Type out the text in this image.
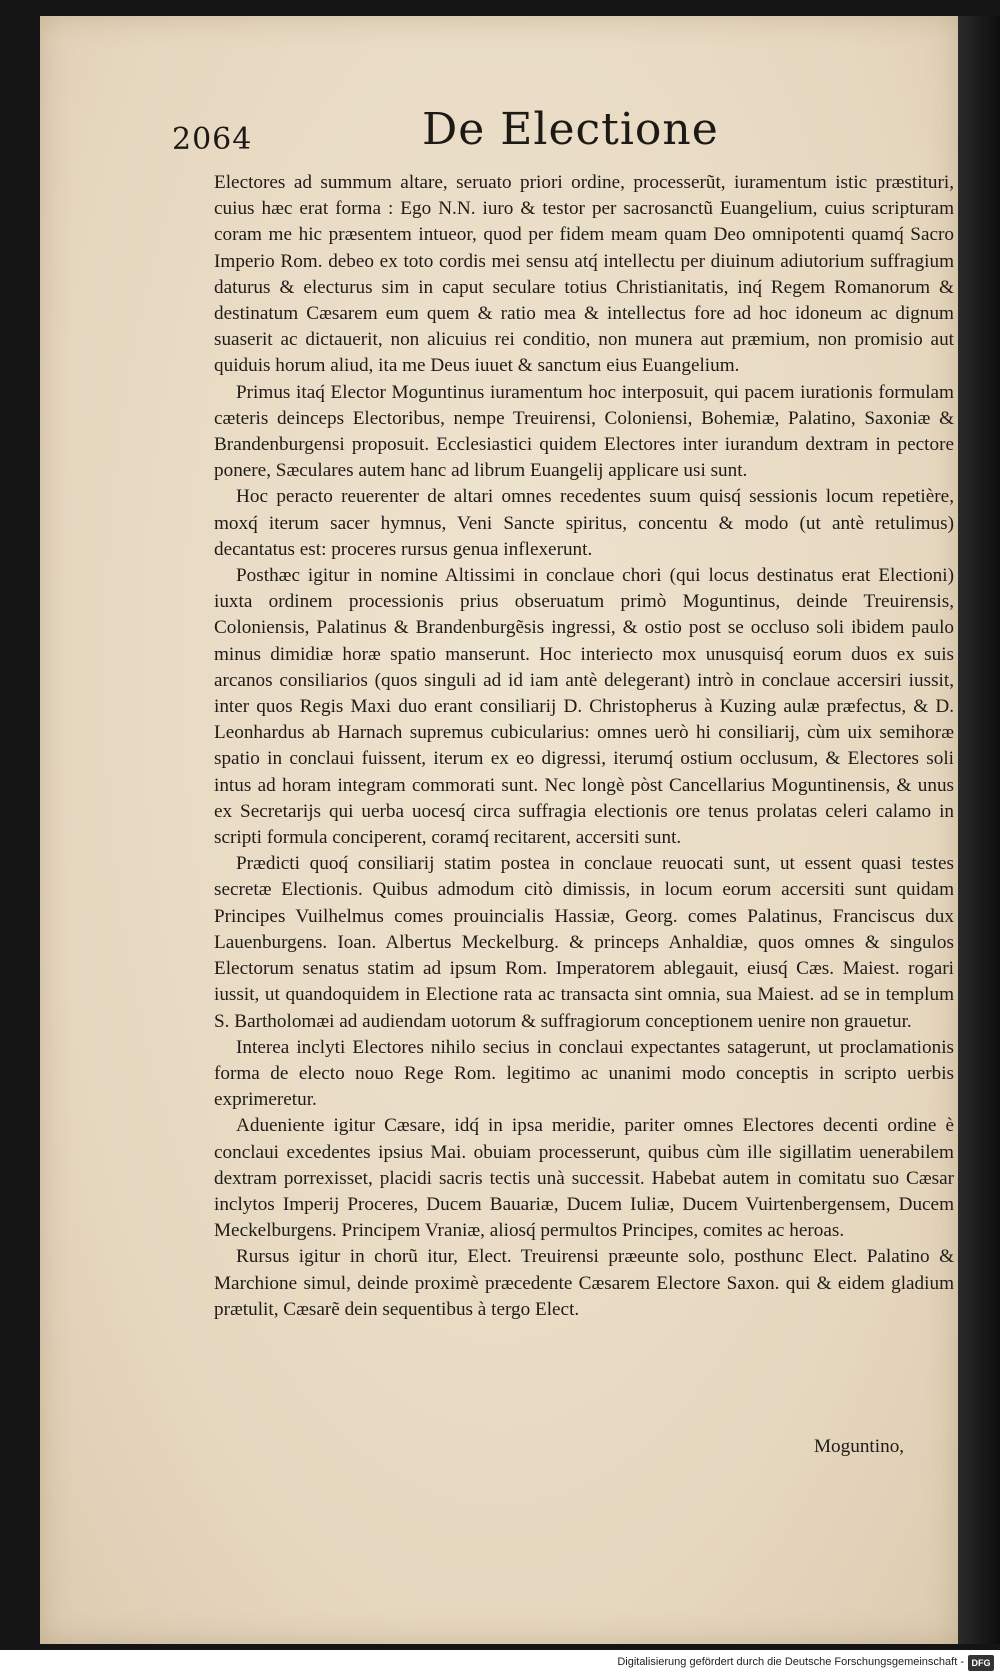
2064	De Electione

Electores ad summum altare, seruato priori ordine, processerũt, iuramentum istic præstituri, cuius hæc erat forma : Ego N.N. iuro & testor per sacrosanctũ Euangelium, cuius scripturam coram me hic præsentem intueor, quod per fidem meam quam Deo omnipotenti quamq́ Sacro Imperio Rom. debeo ex toto cordis mei sensu atq́ intellectu per diuinum adiutorium suffragium daturus & electurus sim in caput seculare totius Christianitatis, inq́ Regem Romanorum & destinatum Cæsarem eum quem & ratio mea & intellectus fore ad hoc idoneum ac dignum suaserit ac dictauerit, non alicuius rei conditio, non munera aut præmium, non promisio aut quiduis horum aliud, ita me Deus iuuet & sanctum eius Euangelium.

Primus itaq́ Elector Moguntinus iuramentum hoc interposuit, qui pacem iurationis formulam cæteris deinceps Electoribus, nempe Treuirensi, Coloniensi, Bohemiæ, Palatino, Saxoniæ & Brandenburgensi proposuit. Ecclesiastici quidem Electores inter iurandum dextram in pectore ponere, Sæculares autem hanc ad librum Euangelij applicare usi sunt.

Hoc peracto reuerenter de altari omnes recedentes suum quisq́ sessionis locum repetière, moxq́ iterum sacer hymnus, Veni Sancte spiritus, concentu & modo (ut antè retulimus) decantatus est: proceres rursus genua inflexerunt.

Posthæc igitur in nomine Altissimi in conclaue chori (qui locus destinatus erat Electioni) iuxta ordinem processionis prius obseruatum primò Moguntinus, deinde Treuirensis, Coloniensis, Palatinus & Brandenburgẽsis ingressi, & ostio post se occluso soli ibidem paulo minus dimidiæ horæ spatio manserunt. Hoc interiecto mox unusquisq́ eorum duos ex suis arcanos consiliarios (quos singuli ad id iam antè delegerant) intrò in conclaue accersiri iussit, inter quos Regis Maxi duo erant consiliarij D. Christopherus à Kuzing aulæ præfectus, & D. Leonhardus ab Harnach supremus cubicularius: omnes uerò hi consiliarij, cùm uix semihoræ spatio in conclaui fuissent, iterum ex eo digressi, iterumq́ ostium occlusum, & Electores soli intus ad horam integram commorati sunt. Nec longè pòst Cancellarius Moguntinensis, & unus ex Secretarijs qui uerba uocesq́ circa suffragia electionis ore tenus prolatas celeri calamo in scripti formula conciperent, coramq́ recitarent, accersiti sunt.

Prædicti quoq́ consiliarij statim postea in conclaue reuocati sunt, ut essent quasi testes secretæ Electionis. Quibus admodum citò dimissis, in locum eorum accersiti sunt quidam Principes Vuilhelmus comes prouincialis Hassiæ, Georg. comes Palatinus, Franciscus dux Lauenburgens. Ioan. Albertus Meckelburg. & princeps Anhaldiæ, quos omnes & singulos Electorum senatus statim ad ipsum Rom. Imperatorem ablegauit, eiusq́ Cæs. Maiest. rogari iussit, ut quandoquidem in Electione rata ac transacta sint omnia, sua Maiest. ad se in templum S. Bartholomæi ad audiendam uotorum & suffragiorum conceptionem uenire non grauetur.

Interea inclyti Electores nihilo secius in conclaui expectantes satagerunt, ut proclamationis forma de electo nouo Rege Rom. legitimo ac unanimi modo conceptis in scripto uerbis exprimeretur.

Adueniente igitur Cæsare, idq́ in ipsa meridie, pariter omnes Electores decenti ordine è conclaui excedentes ipsius Mai. obuiam processerunt, quibus cùm ille sigillatim uenerabilem dextram porrexisset, placidi sacris tectis unà successit. Habebat autem in comitatu suo Cæsar inclytos Imperij Proceres, Ducem Bauariæ, Ducem Iuliæ, Ducem Vuirtenbergensem, Ducem Meckelburgens. Principem Vraniæ, aliosq́ permultos Principes, comites ac heroas.

Rursus igitur in chorũ itur, Elect. Treuirensi præeunte solo, posthunc Elect. Palatino & Marchione simul, deinde proximè præcedente Cæsarem Electore Saxon. qui & eidem gladium prætulit, Cæsarẽ dein sequentibus à tergo Elect.

Moguntino,
Digitalisierung gefördert durch die Deutsche Forschungsgemeinschaft - DFG
